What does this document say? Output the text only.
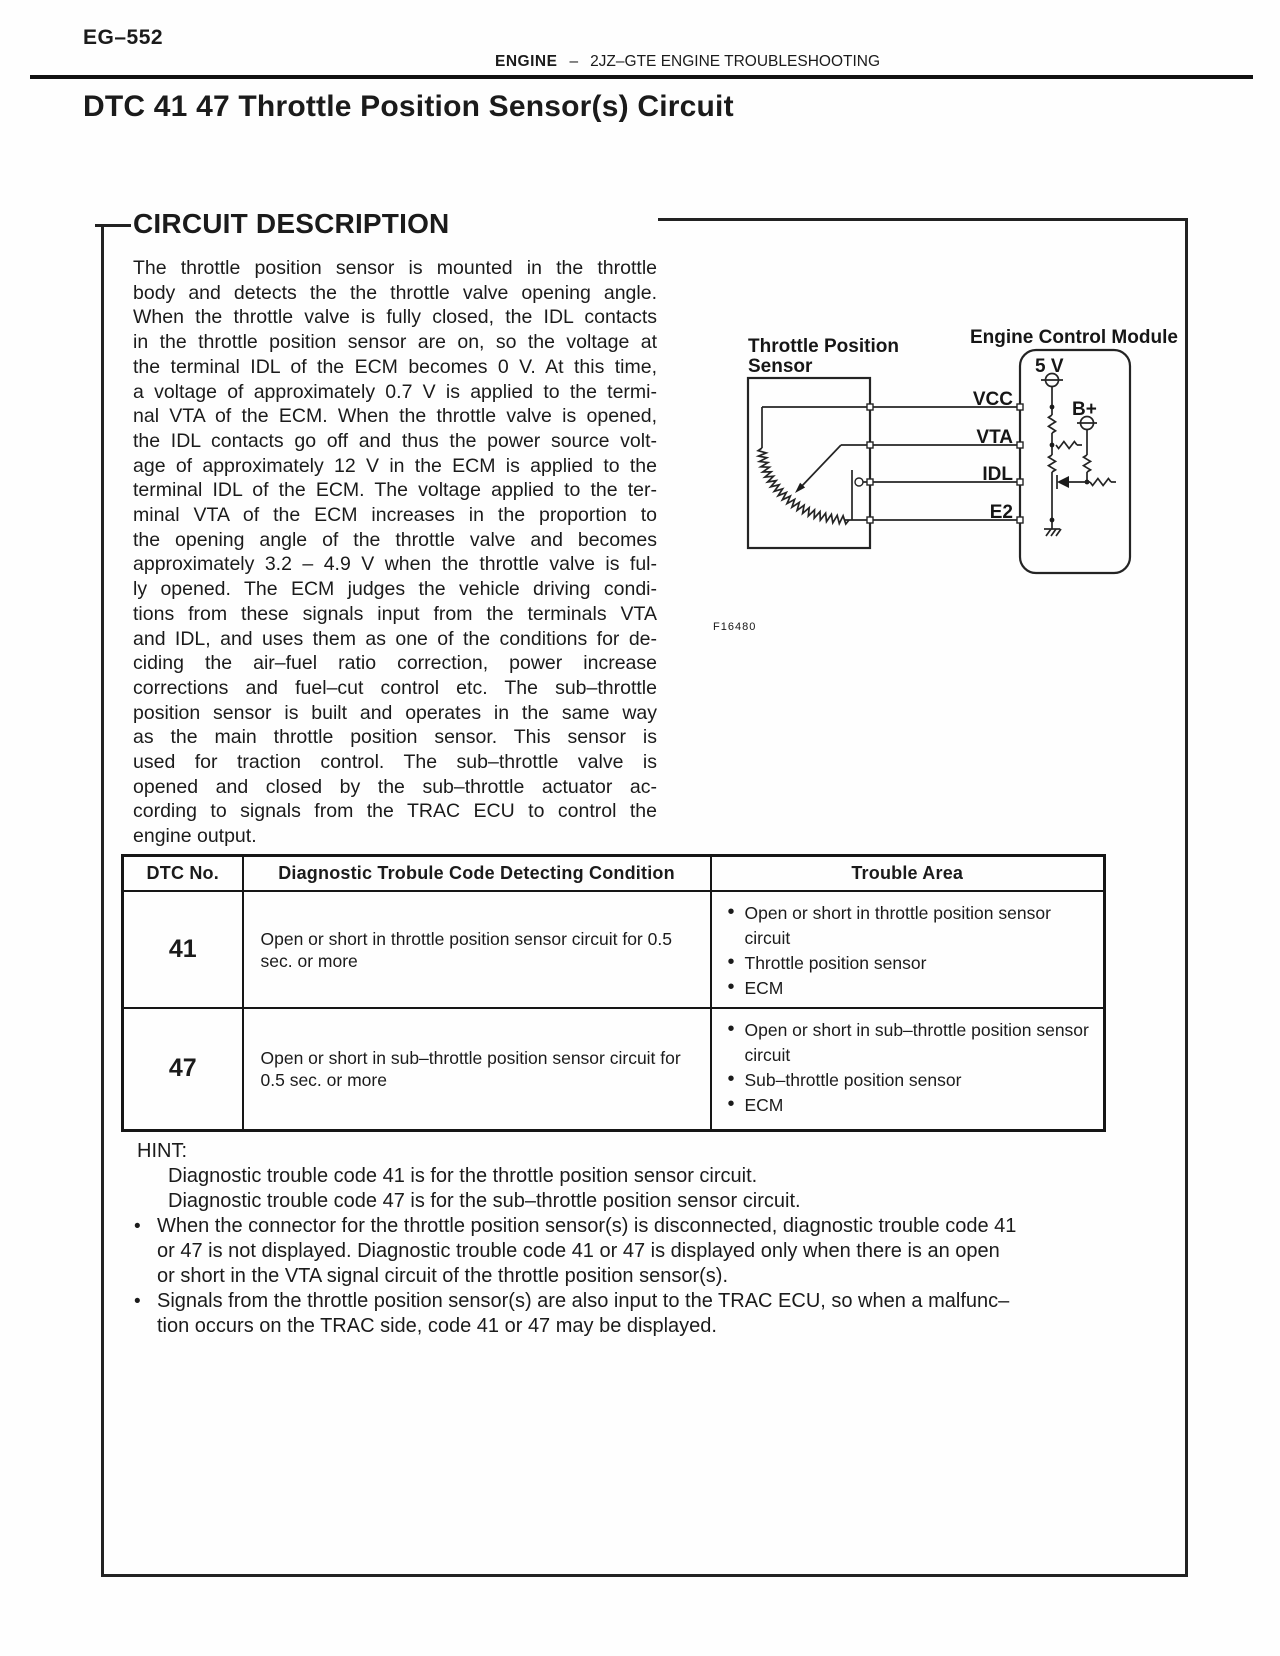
EG–552
ENGINE – 2JZ–GTE ENGINE TROUBLESHOOTING
DTC 41 47 Throttle Position Sensor(s) Circuit
CIRCUIT DESCRIPTION
The throttle position sensor is mounted in the throttle
body and detects the the throttle valve opening angle.
When the throttle valve is fully closed, the IDL contacts
in the throttle position sensor are on, so the voltage at
the terminal IDL of the ECM becomes 0 V. At this time,
a voltage of approximately 0.7 V is applied to the termi-
nal VTA of the ECM. When the throttle valve is opened,
the IDL contacts go off and thus the power source volt-
age of approximately 12 V in the ECM is applied to the
terminal IDL of the ECM. The voltage applied to the ter-
minal VTA of the ECM increases in the proportion to
the opening angle of the throttle valve and becomes
approximately 3.2 – 4.9 V when the throttle valve is ful-
ly opened. The ECM judges the vehicle driving condi-
tions from these signals input from the terminals VTA
and IDL, and uses them as one of the conditions for de-
ciding the air–fuel ratio correction, power increase
corrections and fuel–cut control etc. The sub–throttle
position sensor is built and operates in the same way
as the main throttle position sensor. This sensor is
used for traction control. The sub–throttle valve is
opened and closed by the sub–throttle actuator ac-
cording to signals from the TRAC ECU to control the
engine output.
Throttle Position
Sensor
Engine Control Module
VCC
VTA
IDL
E2
5 V
B+
F16480
DTC No.	Diagnostic Trobule Code Detecting Condition	Trouble Area
41	Open or short in throttle position sensor circuit for 0.5 sec. or more	• Open or short in throttle position sensor circuit
• Throttle position sensor
• ECM

47	Open or short in sub–throttle position sensor circuit for 0.5 sec. or more	• Open or short in sub–throttle position sensor circuit
• Sub–throttle position sensor
• ECM
HINT:
Diagnostic trouble code 41 is for the throttle position sensor circuit.
Diagnostic trouble code 47 is for the sub–throttle position sensor circuit.
• When the connector for the throttle position sensor(s) is disconnected, diagnostic trouble code 41
or 47 is not displayed. Diagnostic trouble code 41 or 47 is displayed only when there is an open
or short in the VTA signal circuit of the throttle position sensor(s).
• Signals from the throttle position sensor(s) are also input to the TRAC ECU, so when a malfunc–
tion occurs on the TRAC side, code 41 or 47 may be displayed.
